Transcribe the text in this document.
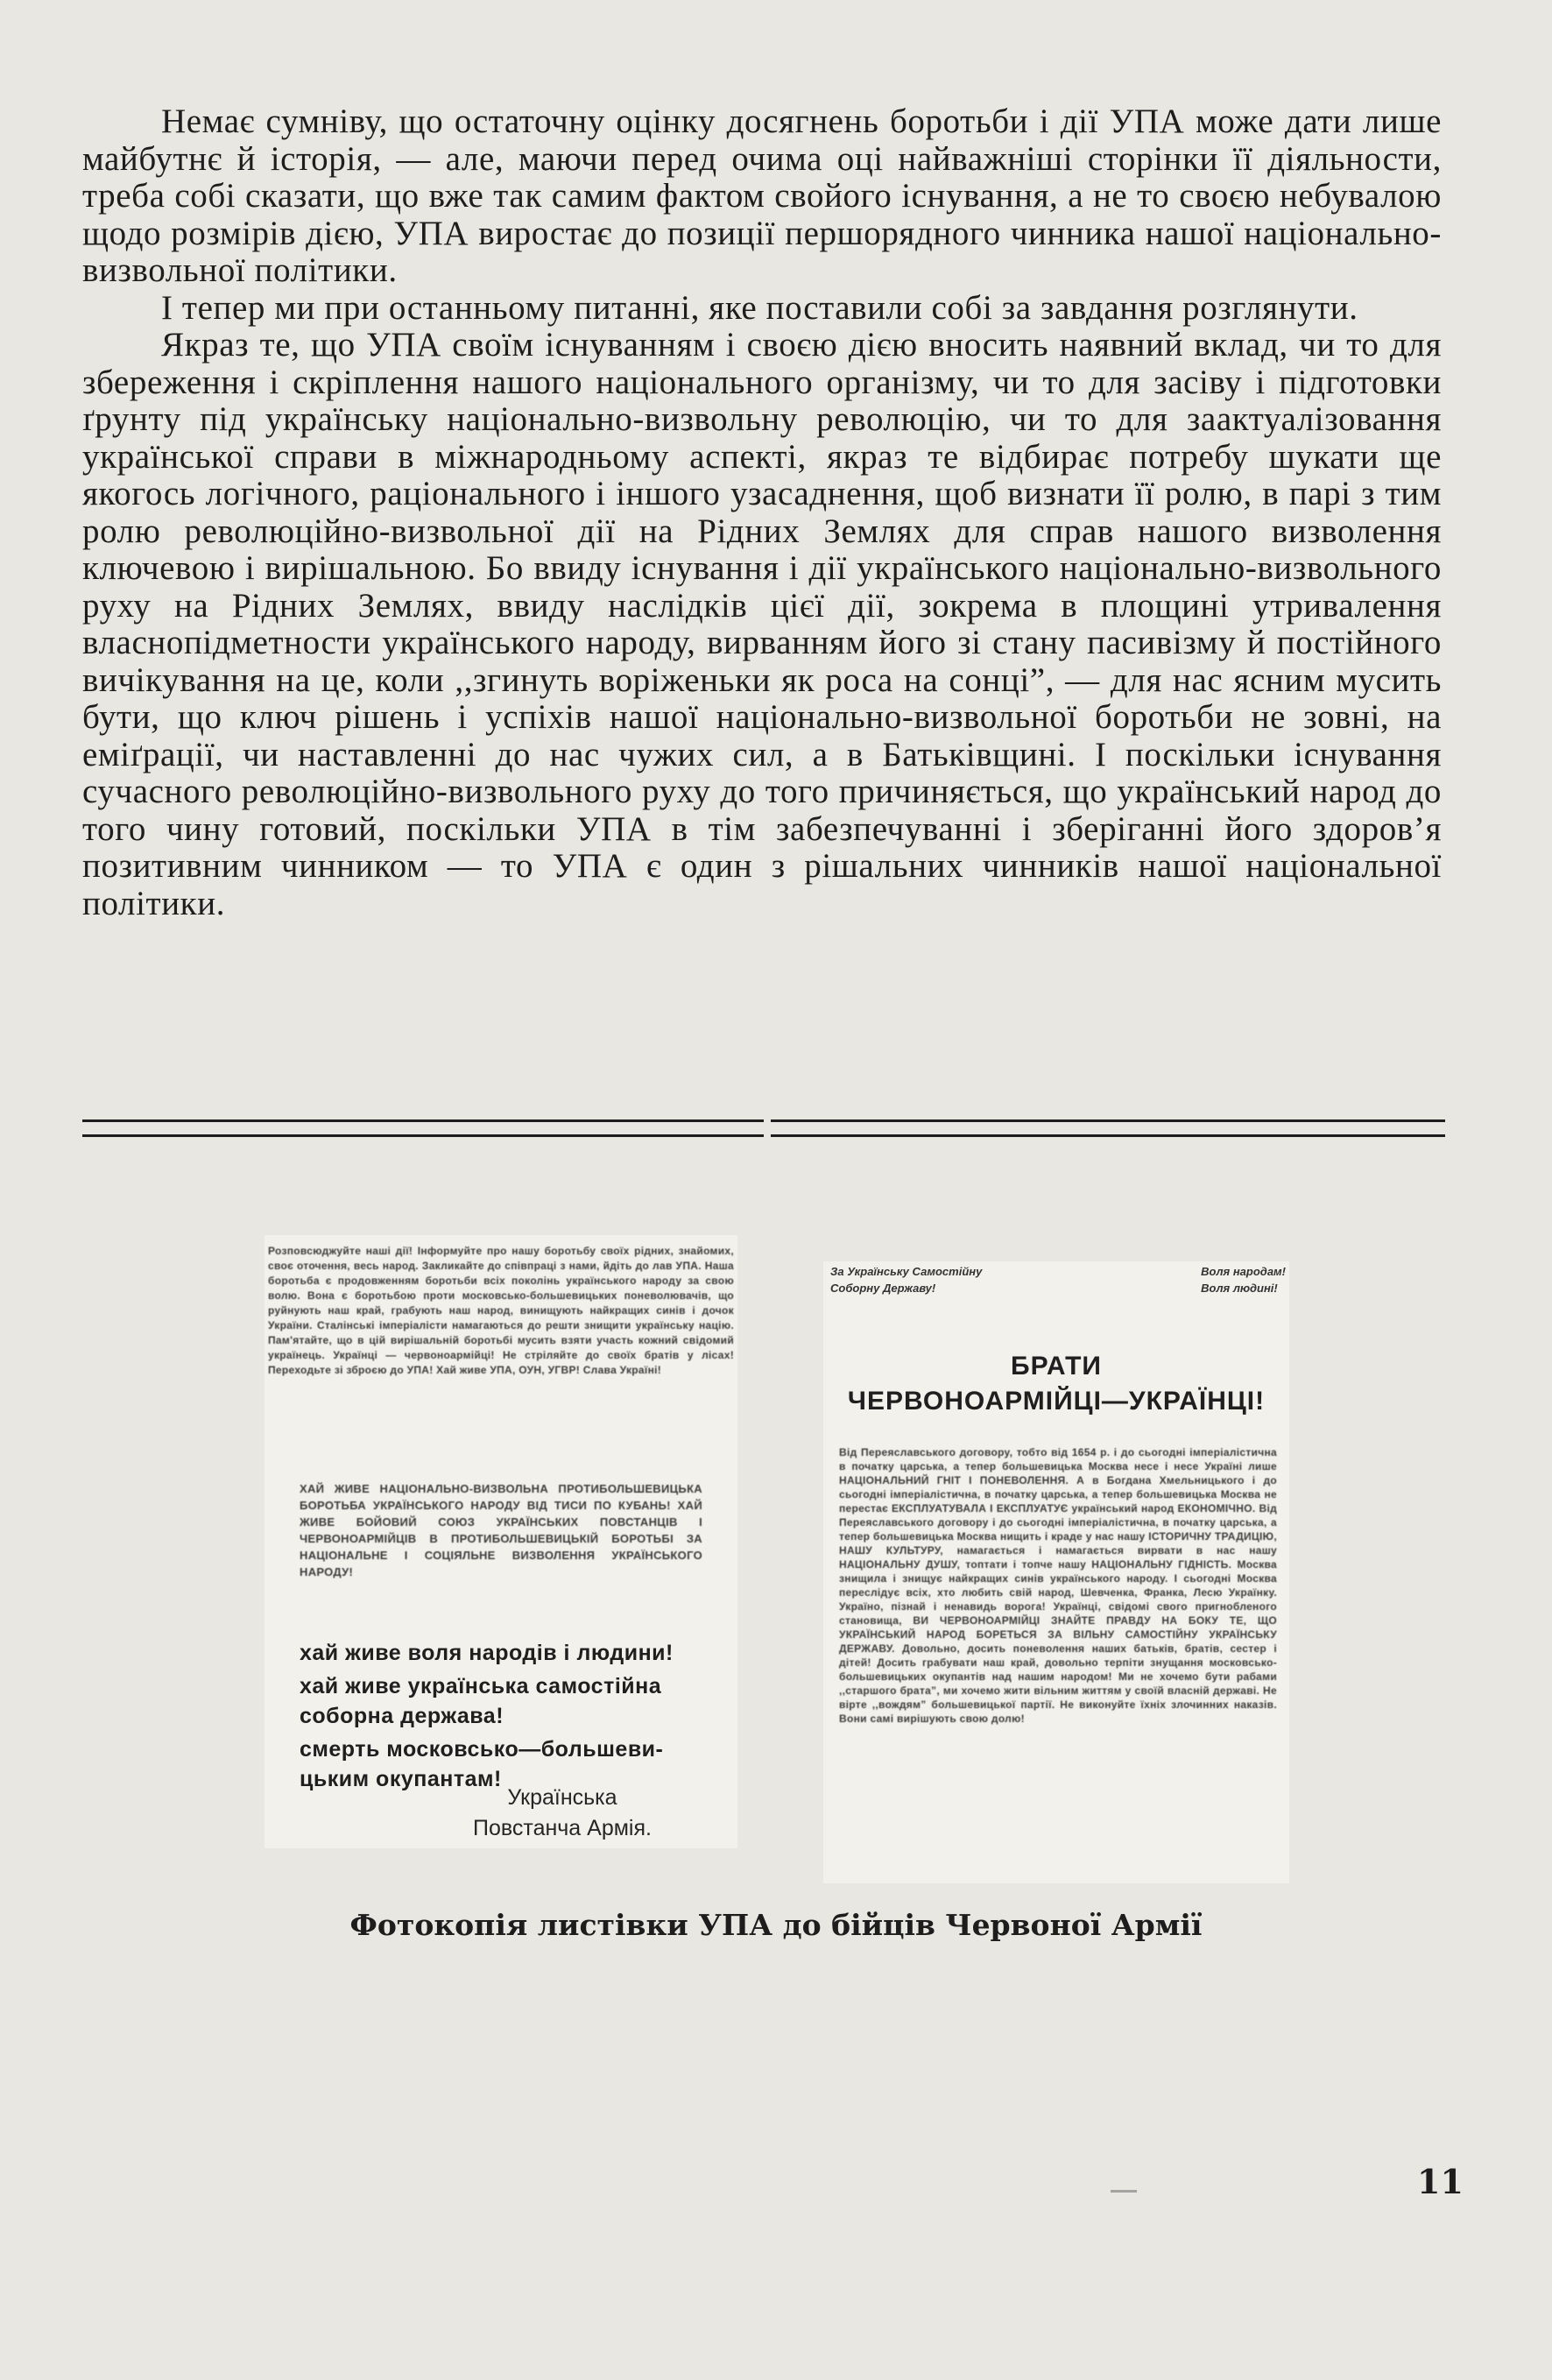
Немає сумніву, що остаточну оцінку досягнень боротьби і дії УПА може дати лише майбутнє й історія, — але, маючи перед очима оці найважніші сторінки її діяльности, треба собі сказати, що вже так самим фактом свойого існування, а не то своєю небувалою щодо розмірів дією, УПА виростає до позиції першорядного чинника нашої національно-визвольної політики.

І тепер ми при останньому питанні, яке поставили собі за завдання розглянути.

Якраз те, що УПА своїм існуванням і своєю дією вносить наявний вклад, чи то для збереження і скріплення нашого національного організму, чи то для засіву і підготовки ґрунту під українську національно-визвольну революцію, чи то для заактуалізовання української справи в міжнародньому аспекті, якраз те відбирає потребу шукати ще якогось логічного, раціонального і іншого узасаднення, щоб визнати її ролю, в парі з тим ролю революційно-визвольної дії на Рідних Землях для справ нашого визволення ключевою і вирішальною. Бо ввиду існування і дії українського національно-визвольного руху на Рідних Землях, ввиду наслідків цієї дії, зокрема в площині утривалення власнопідметности українського народу, вирванням його зі стану пасивізму й постійного вичікування на це, коли ,,згинуть воріженьки як роса на сонці”, — для нас ясним мусить бути, що ключ рішень і успіхів нашої національно-визвольної боротьби не зовні, на еміґрації, чи наставленні до нас чужих сил, а в Батьківщині. І поскільки існування сучасного революційно-визвольного руху до того причиняється, що український народ до того чину готовий, поскільки УПА в тім забезпечуванні і зберіганні його здоров’я позитивним чинником — то УПА є один з рішальних чинників нашої національної політики.

Розповсюджуйте наші дії! Інформуйте про нашу боротьбу своїх рідних, знайомих, своє оточення, весь народ. Закликайте до співпраці з нами, йдіть до лав УПА. Наша боротьба є продовженням боротьби всіх поколінь українського народу за свою волю. Вона є боротьбою проти московсько-большевицьких поневолювачів, що руйнують наш край, грабують наш народ, винищують найкращих синів і дочок України. Сталінські імперіалісти намагаються до решти знищити українську націю. Пам'ятайте, що в цій вирішальній боротьбі мусить взяти участь кожний свідомий українець. Українці — червоноармійці! Не стріляйте до своїх братів у лісах! Переходьте зі зброєю до УПА! Хай живе УПА, ОУН, УГВР! Слава Україні!
ХАЙ ЖИВЕ НАЦІОНАЛЬНО-ВИЗВОЛЬНА ПРОТИБОЛЬШЕВИЦЬКА БОРОТЬБА УКРАЇНСЬКОГО НАРОДУ ВІД ТИСИ ПО КУБАНЬ! ХАЙ ЖИВЕ БОЙОВИЙ СОЮЗ УКРАЇНСЬКИХ ПОВСТАНЦІВ І ЧЕРВОНОАРМІЙЦІВ В ПРОТИБОЛЬШЕВИЦЬКІЙ БОРОТЬБІ ЗА НАЦІОНАЛЬНЕ І СОЦІЯЛЬНЕ ВИЗВОЛЕННЯ УКРАЇНСЬКОГО НАРОДУ!
хай живе воля народів і людини!
хай живе українська самостійна
соборна держава!
смерть московсько—большеви-
цьким окупантам!
Українська
Повстанча Армія.
За Українську Самостійну
Соборну Державу!
Воля народам!
Воля людині!
БРАТИ
ЧЕРВОНОАРМІЙЦІ—УКРАЇНЦІ!
Від Переяславського договору, тобто від 1654 р. і до сьогодні імперіалістична в початку царська, а тепер большевицька Москва несе і несе Україні лише НАЦІОНАЛЬНИЙ ГНІТ І ПОНЕВОЛЕННЯ. А в Богдана Хмельницького і до сьогодні імперіалістична, в початку царська, а тепер большевицька Москва не перестає ЕКСПЛУАТУВАЛА І ЕКСПЛУАТУЄ український народ ЕКОНОМІЧНО. Від Переяславського договору і до сьогодні імперіалістична, в початку царська, а тепер большевицька Москва нищить і краде у нас нашу ІСТОРИЧНУ ТРАДИЦІЮ, НАШУ КУЛЬТУРУ, намагається і намагається вирвати в нас нашу НАЦІОНАЛЬНУ ДУШУ, топтати і топче нашу НАЦІОНАЛЬНУ ГІДНІСТЬ. Москва знищила і знищує найкращих синів українського народу. І сьогодні Москва переслідує всіх, хто любить свій народ, Шевченка, Франка, Лесю Українку. Україно, пізнай і ненавидь ворога! Українці, свідомі свого пригнобленого становища, ВИ ЧЕРВОНОАРМІЙЦІ ЗНАЙТЕ ПРАВДУ НА БОКУ ТЕ, ЩО УКРАЇНСЬКИЙ НАРОД БОРЕТЬСЯ ЗА ВІЛЬНУ САМОСТІЙНУ УКРАЇНСЬКУ ДЕРЖАВУ. Довольно, досить поневолення наших батьків, братів, сестер і дітей! Досить грабувати наш край, довольно терпіти знущання московсько-большевицьких окупантів над нашим народом! Ми не хочемо бути рабами ,,старшого брата”, ми хочемо жити вільним життям у своїй власній державі. Не вірте ,,вождям” большевицької партії. Не виконуйте їхніх злочинних наказів. Вони самі вирішують свою долю!
Фотокопія листівки УПА до бійців Червоної Армії
11
